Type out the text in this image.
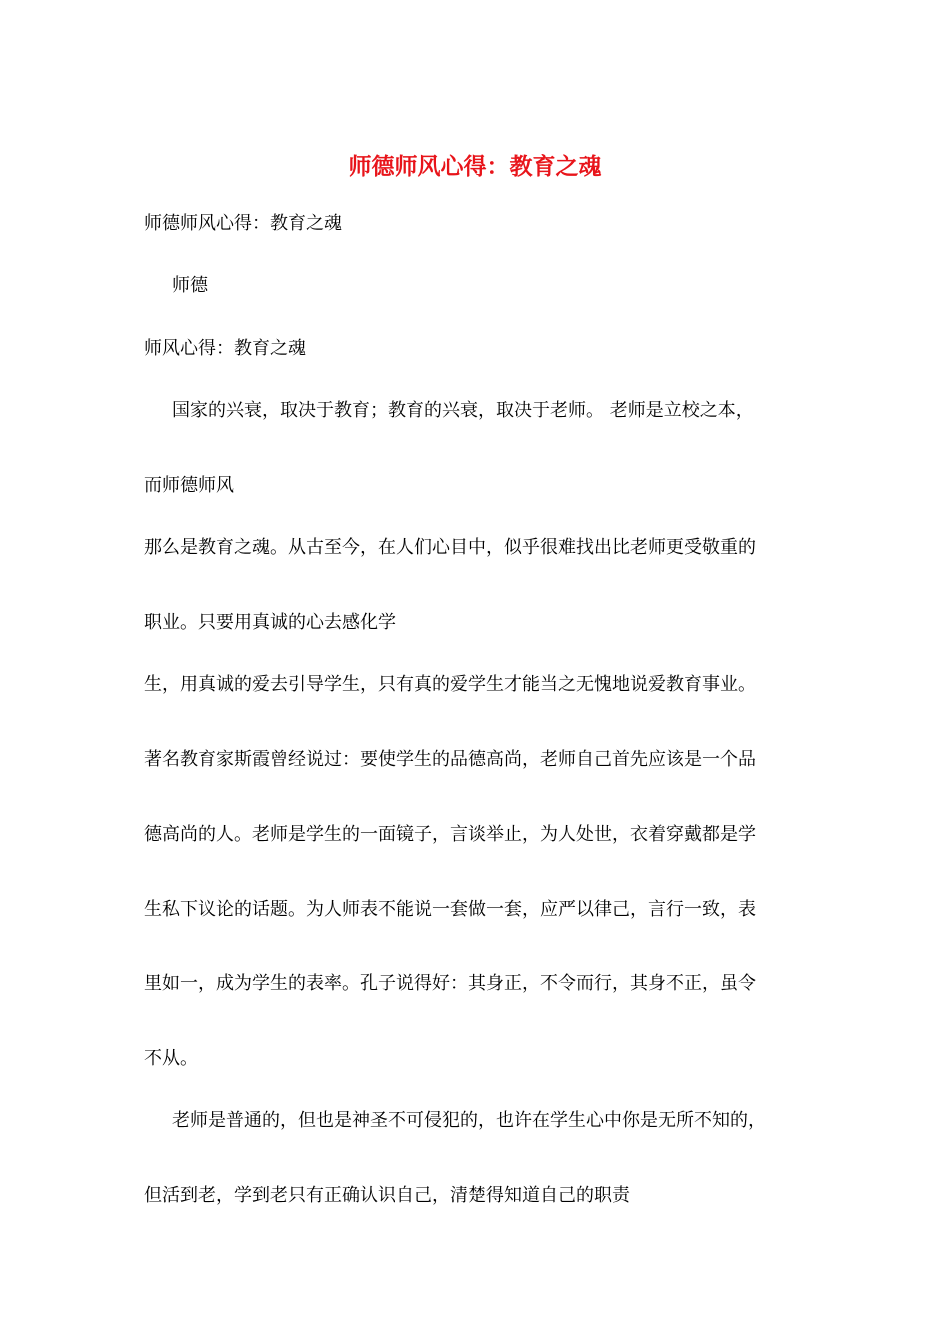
师德师风心得：教育之魂
师德师风心得：教育之魂
师德
师风心得：教育之魂
国家的兴衰，取决于教育；教育的兴衰，取决于老师。 老师是立校之本，
而师德师风
那么是教育之魂。从古至今，在人们心目中，似乎很难找出比老师更受敬重的
职业。只要用真诚的心去感化学
生，用真诚的爱去引导学生，只有真的爱学生才能当之无愧地说爱教育事业。
著名教育家斯霞曾经说过：要使学生的品德高尚，老师自己首先应该是一个品
德高尚的人。老师是学生的一面镜子，言谈举止，为人处世，衣着穿戴都是学
生私下议论的话题。为人师表不能说一套做一套，应严以律己，言行一致，表
里如一，成为学生的表率。孔子说得好：其身正，不令而行，其身不正，虽令
不从。
老师是普通的，但也是神圣不可侵犯的，也许在学生心中你是无所不知的，
但活到老，学到老只有正确认识自己，清楚得知道自己的职责
